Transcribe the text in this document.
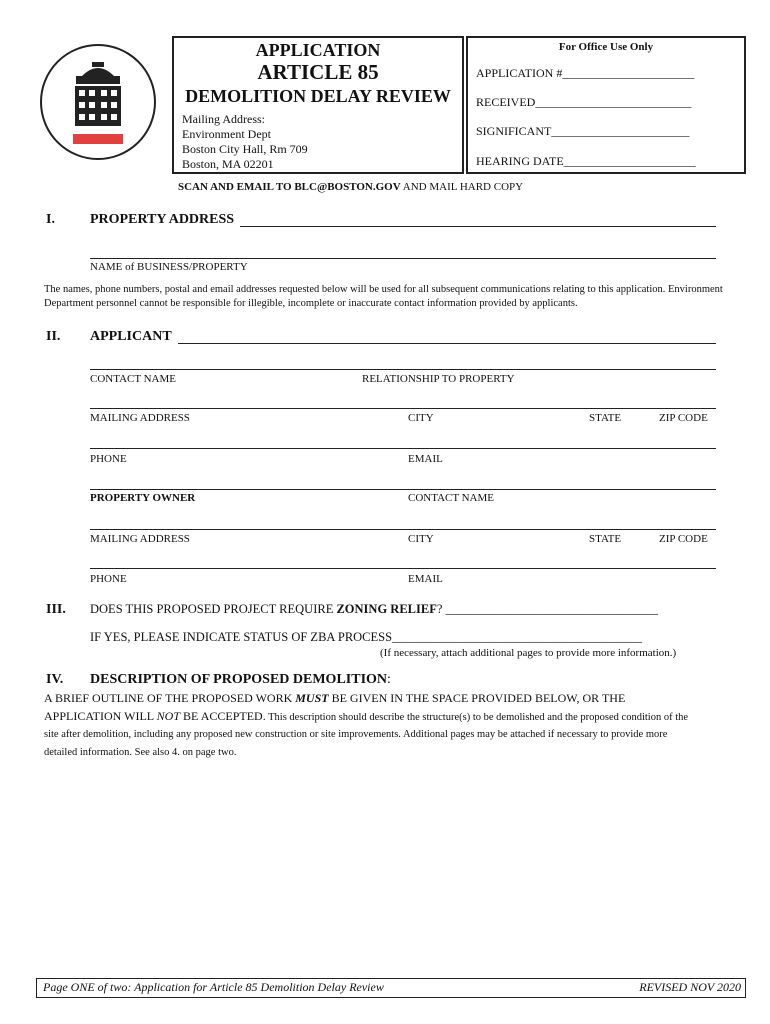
APPLICATION
ARTICLE 85
DEMOLITION DELAY REVIEW
Mailing Address:
Environment Dept
Boston City Hall, Rm 709
Boston, MA 02201
For Office Use Only
APPLICATION #______________________
RECEIVED__________________________
SIGNIFICANT_______________________
HEARING DATE______________________
SCAN AND EMAIL TO BLC@BOSTON.GOV AND MAIL HARD COPY
I.	PROPERTY ADDRESS
NAME of BUSINESS/PROPERTY
The names, phone numbers, postal and email addresses requested below will be used for all subsequent communications relating to this application. Environment Department personnel cannot be responsible for illegible, incomplete or inaccurate contact information provided by applicants.
II. APPLICANT
CONTACT NAME	RELATIONSHIP TO PROPERTY
MAILING ADDRESS	CITY	STATE	ZIP CODE
PHONE	EMAIL
PROPERTY OWNER	CONTACT NAME
MAILING ADDRESS	CITY	STATE	ZIP CODE
PHONE	EMAIL
III. DOES THIS PROPOSED PROJECT REQUIRE ZONING RELIEF? __________________________________
IF YES, PLEASE INDICATE STATUS OF ZBA PROCESS________________________________________
(If necessary, attach additional pages to provide more information.)
IV. DESCRIPTION OF PROPOSED DEMOLITION:
A BRIEF OUTLINE OF THE PROPOSED WORK MUST BE GIVEN IN THE SPACE PROVIDED BELOW, OR THE
APPLICATION WILL NOT BE ACCEPTED. This description should describe the structure(s) to be demolished and the proposed condition of the
site after demolition, including any proposed new construction or site improvements. Additional pages may be attached if necessary to provide more
detailed information. See also 4. on page two.
Page ONE of two: Application for Article 85 Demolition Delay Review	REVISED NOV 2020
